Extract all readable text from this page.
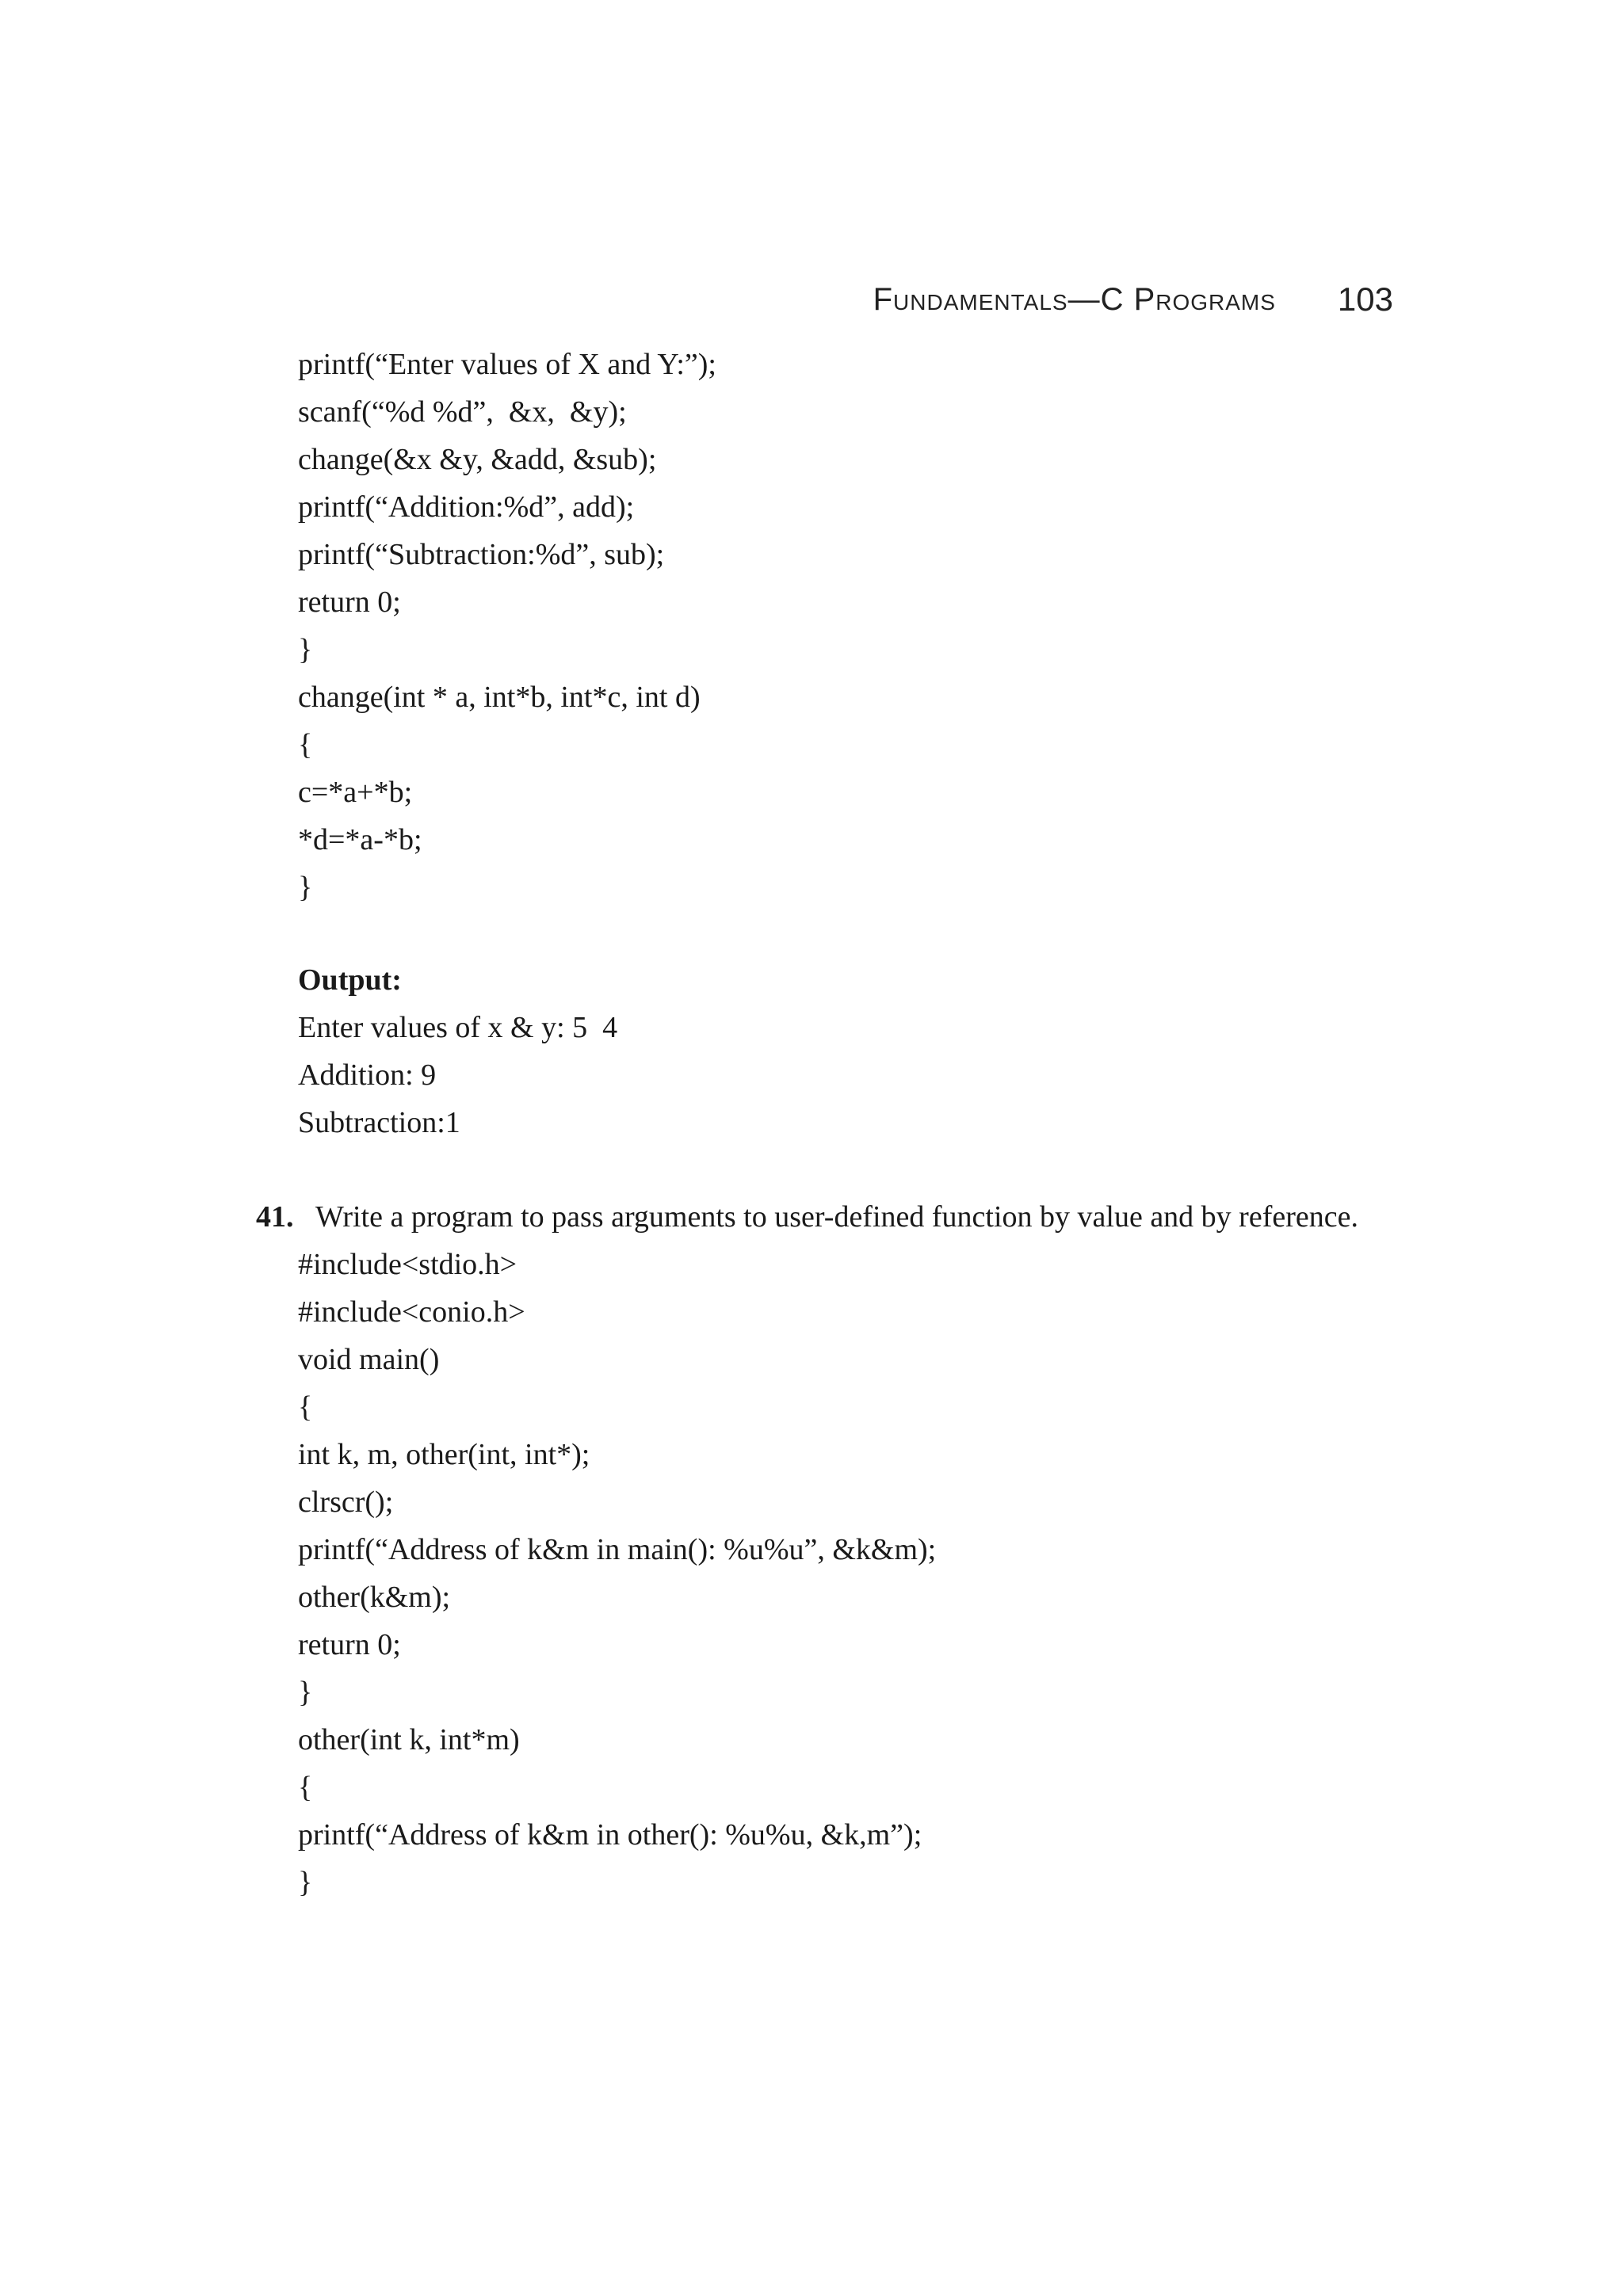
Fundamentals—C Programs 103
printf(“Enter values of X and Y:”);
scanf(“%d %d”,  &x,  &y);
change(&x &y, &add, &sub);
printf(“Addition:%d”, add);
printf(“Subtraction:%d”, sub);
return 0;
}
change(int * a, int*b, int*c, int d)
{
c=*a+*b;
*d=*a-*b;
}
Output:
Enter values of x & y: 5  4
Addition: 9
Subtraction:1
41. Write a program to pass arguments to user-defined function by value and by reference.
#include<stdio.h>
#include<conio.h>
void main()
{
int k, m, other(int, int*);
clrscr();
printf(“Address of k&m in main(): %u%u”, &k&m);
other(k&m);
return 0;
}
other(int k, int*m)
{
printf(“Address of k&m in other(): %u%u, &k,m”);
}
